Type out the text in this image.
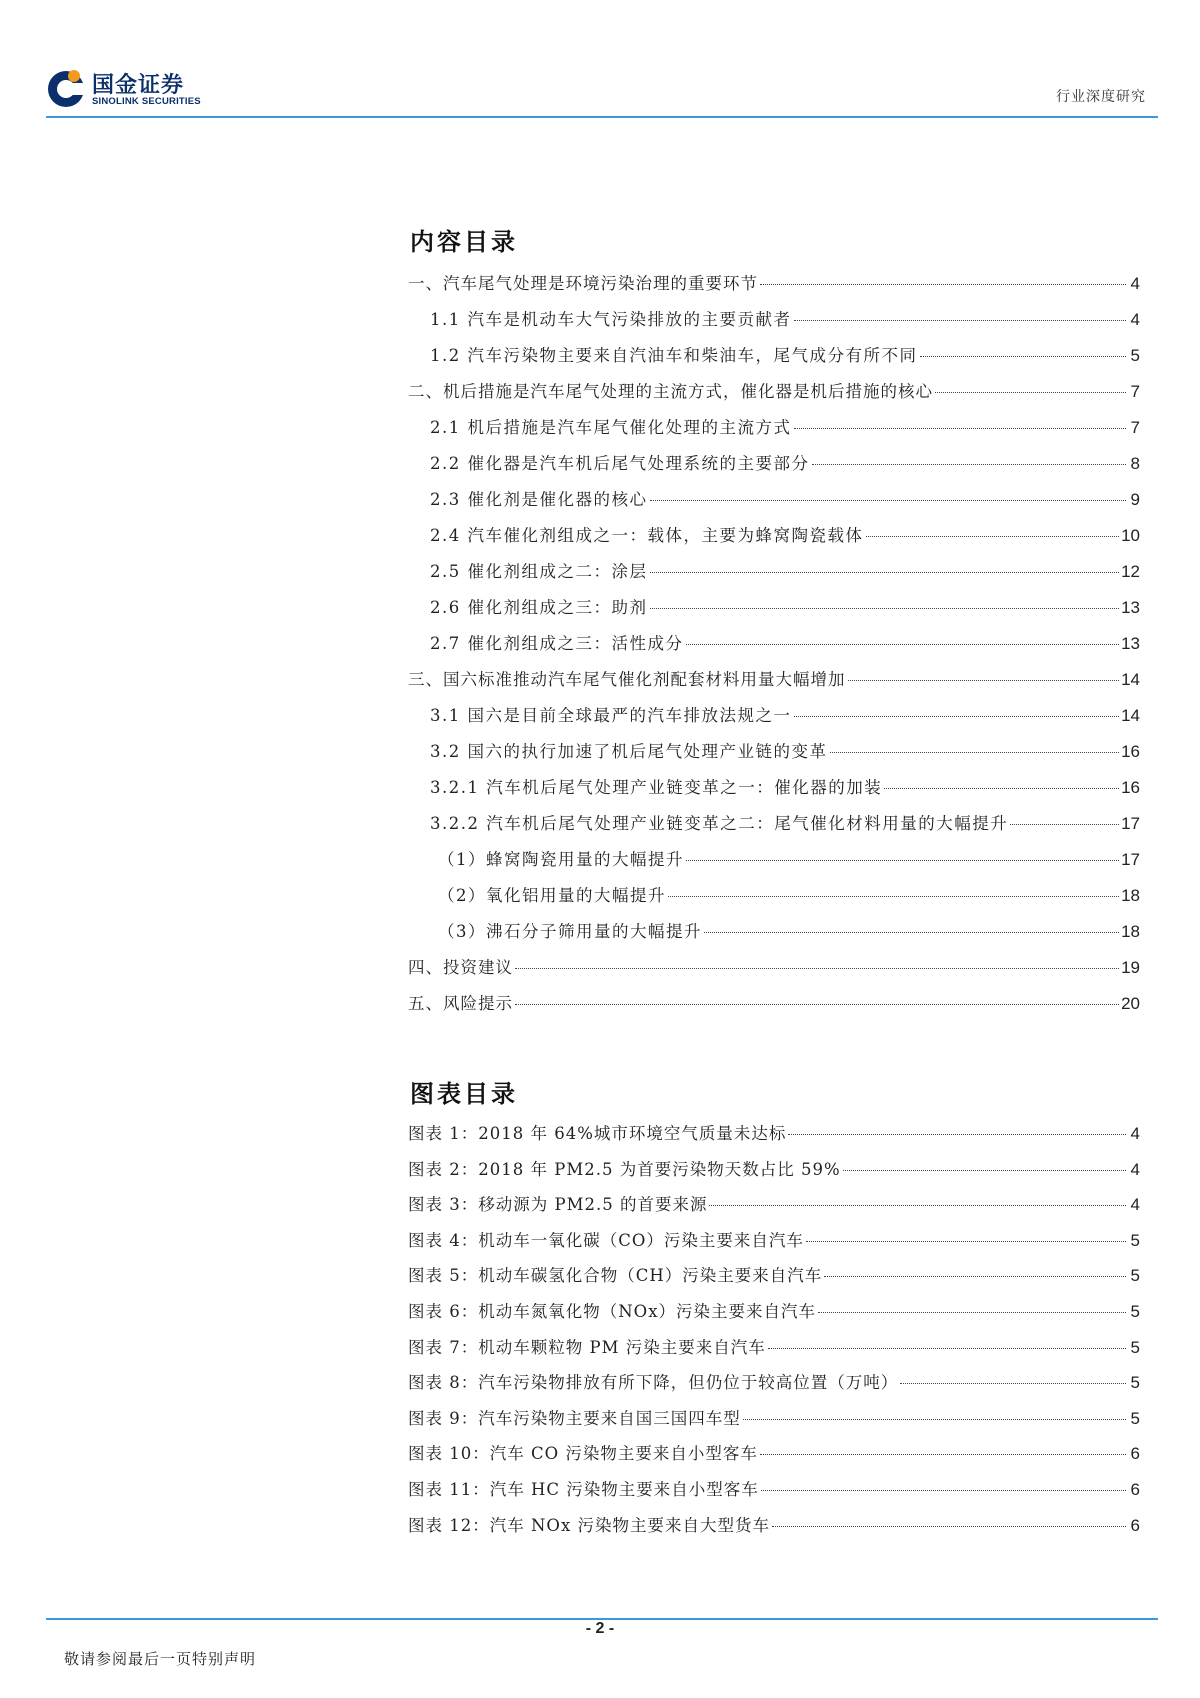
国金证券
SINOLINK SECURITIES	行业深度研究
内容目录
一、汽车尾气处理是环境污染治理的重要环节	4
1.1 汽车是机动车大气污染排放的主要贡献者	4
1.2 汽车污染物主要来自汽油车和柴油车，尾气成分有所不同	5
二、机后措施是汽车尾气处理的主流方式，催化器是机后措施的核心	7
2.1 机后措施是汽车尾气催化处理的主流方式	7
2.2 催化器是汽车机后尾气处理系统的主要部分	8
2.3 催化剂是催化器的核心	9
2.4 汽车催化剂组成之一：载体，主要为蜂窝陶瓷载体	10
2.5 催化剂组成之二：涂层	12
2.6 催化剂组成之三：助剂	13
2.7 催化剂组成之三：活性成分	13
三、国六标准推动汽车尾气催化剂配套材料用量大幅增加	14
3.1 国六是目前全球最严的汽车排放法规之一	14
3.2 国六的执行加速了机后尾气处理产业链的变革	16
3.2.1 汽车机后尾气处理产业链变革之一：催化器的加装	16
3.2.2 汽车机后尾气处理产业链变革之二：尾气催化材料用量的大幅提升	17
（1）蜂窝陶瓷用量的大幅提升	17
（2）氧化铝用量的大幅提升	18
（3）沸石分子筛用量的大幅提升	18
四、投资建议	19
五、风险提示	20
图表目录
图表 1：2018 年 64%城市环境空气质量未达标	4
图表 2：2018 年 PM2.5 为首要污染物天数占比 59%	4
图表 3：移动源为 PM2.5 的首要来源	4
图表 4：机动车一氧化碳（CO）污染主要来自汽车	5
图表 5：机动车碳氢化合物（CH）污染主要来自汽车	5
图表 6：机动车氮氧化物（NOx）污染主要来自汽车	5
图表 7：机动车颗粒物 PM 污染主要来自汽车	5
图表 8：汽车污染物排放有所下降，但仍位于较高位置（万吨）	5
图表 9：汽车污染物主要来自国三国四车型	5
图表 10：汽车 CO 污染物主要来自小型客车	6
图表 11：汽车 HC 污染物主要来自小型客车	6
图表 12：汽车 NOx 污染物主要来自大型货车	6
- 2 -
敬请参阅最后一页特别声明
